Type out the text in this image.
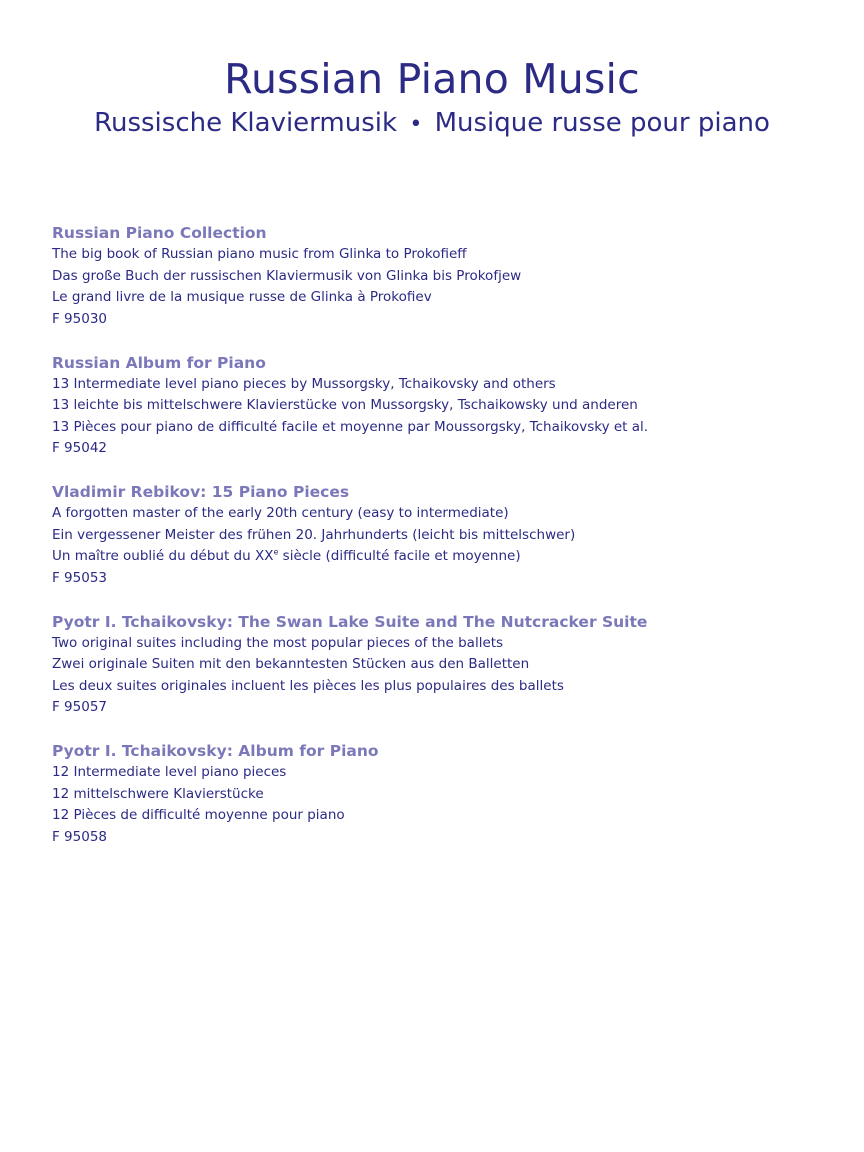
Russian Piano Music
Russische Klaviermusik • Musique russe pour piano
Russian Piano Collection
The big book of Russian piano music from Glinka to Prokofieff
Das große Buch der russischen Klaviermusik von Glinka bis Prokofjew
Le grand livre de la musique russe de Glinka à Prokofiev
F 95030
Russian Album for Piano
13 Intermediate level piano pieces by Mussorgsky, Tchaikovsky and others
13 leichte bis mittelschwere Klavierstücke von Mussorgsky, Tschaikowsky und anderen
13 Pièces pour piano de difficulté facile et moyenne par Moussorgsky, Tchaikovsky et al.
F 95042
Vladimir Rebikov: 15 Piano Pieces
A forgotten master of the early 20th century (easy to intermediate)
Ein vergessener Meister des frühen 20. Jahrhunderts (leicht bis mittelschwer)
Un maître oublié du début du XXe siècle (difficulté facile et moyenne)
F 95053
Pyotr I. Tchaikovsky: The Swan Lake Suite and The Nutcracker Suite
Two original suites including the most popular pieces of the ballets
Zwei originale Suiten mit den bekanntesten Stücken aus den Balletten
Les deux suites originales incluent les pièces les plus populaires des ballets
F 95057
Pyotr I. Tchaikovsky: Album for Piano
12 Intermediate level piano pieces
12 mittelschwere Klavierstücke
12 Pièces de difficulté moyenne pour piano
F 95058
